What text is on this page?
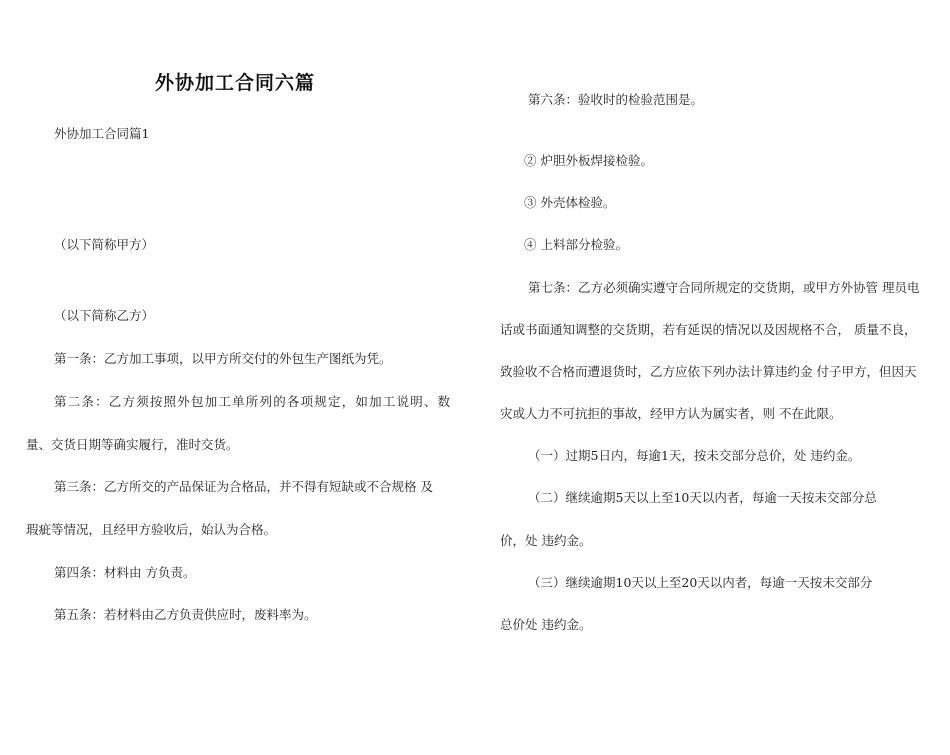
外协加工合同六篇
外协加工合同篇1
（以下简称甲方）
（以下简称乙方）
第一条：乙方加工事项，以甲方所交付的外包生产图纸为凭。
第二条：乙方须按照外包加工单所列的各项规定，如加工说明、数
量、交货日期等确实履行，准时交货。
第三条：乙方所交的产品保证为合格品，并不得有短缺或不合规格 及
瑕疵等情况，且经甲方验收后，始认为合格。
第四条：材料由 方负责。
第五条：若材料由乙方负责供应时，废料率为。
第六条：验收时的检验范围是。
② 炉胆外板焊接检验。
③ 外壳体检验。
④ 上料部分检验。
第七条：乙方必须确实遵守合同所规定的交货期，或甲方外协管 理员电
话或书面通知调整的交货期，若有延误的情况以及因规格不合， 质量不良，
致验收不合格而遭退货时，乙方应依下列办法计算违约金 付子甲方，但因天
灾或人力不可抗拒的事故，经甲方认为属实者，则 不在此限。
（一）过期5日内，每逾1天，按未交部分总价，处 违约金。
（二）继续逾期5天以上至10天以内者，每逾一天按未交部分总
价，处 违约金。
（三）继续逾期10天以上至20天以内者，每逾一天按未交部分
总价处 违约金。
